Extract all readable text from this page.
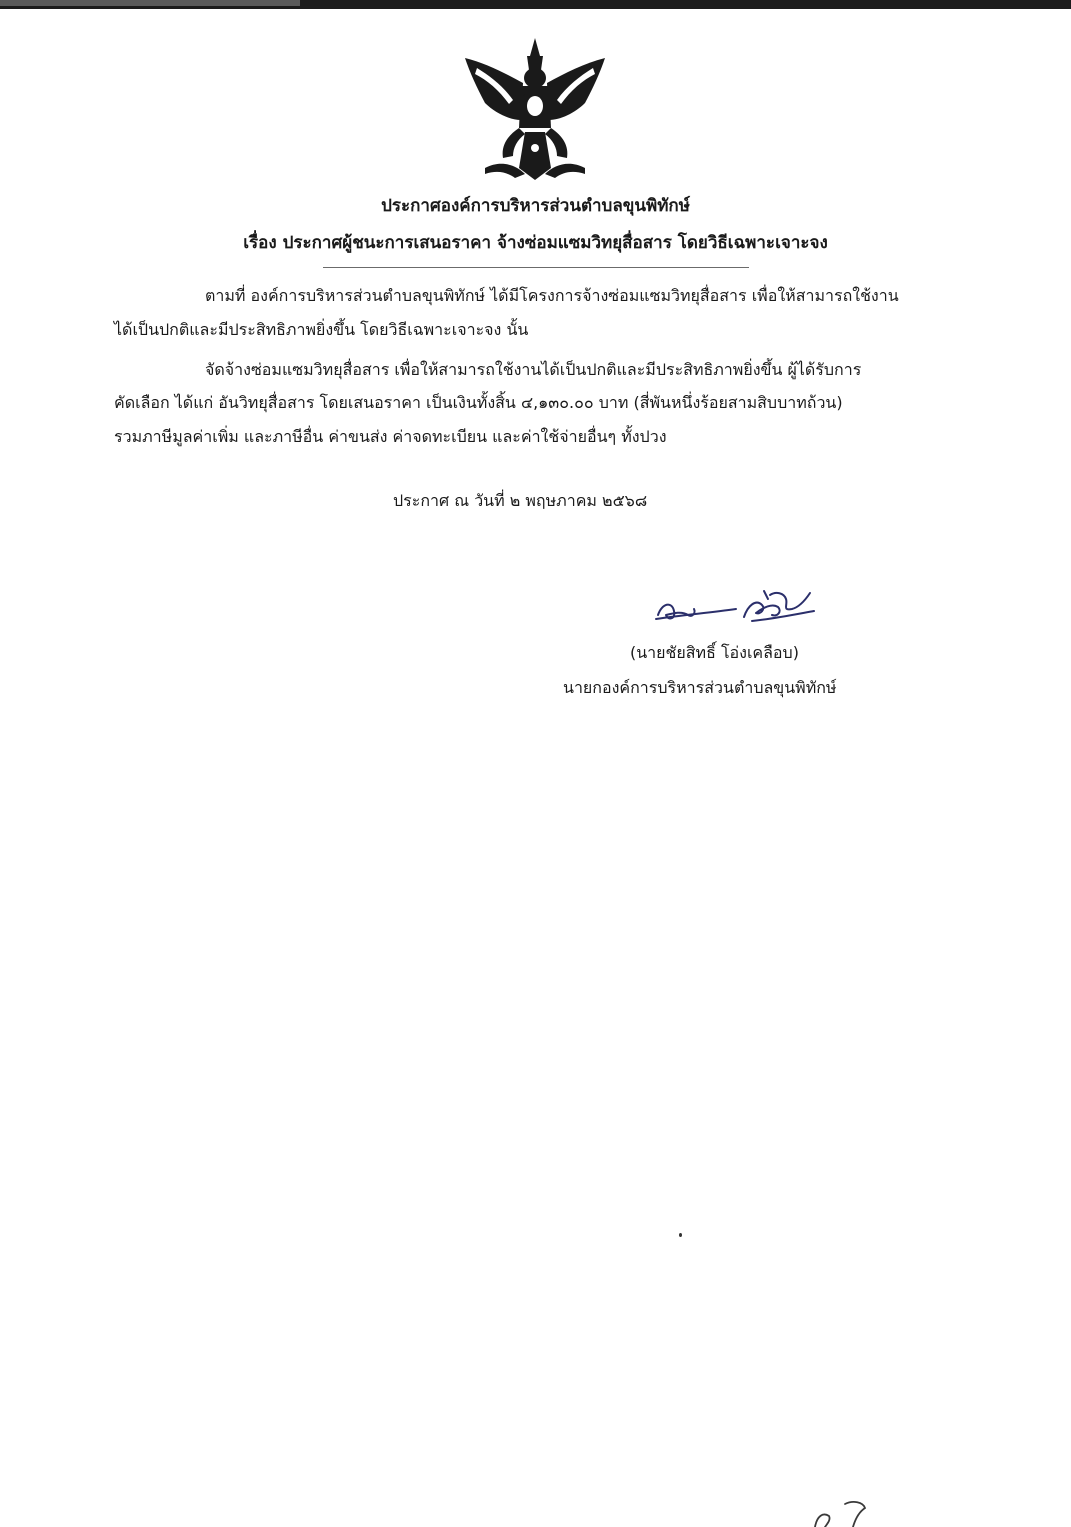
ประกาศองค์การบริหารส่วนตำบลขุนพิทักษ์
เรื่อง ประกาศผู้ชนะการเสนอราคา จ้างซ่อมแซมวิทยุสื่อสาร โดยวิธีเฉพาะเจาะจง
ตามที่ องค์การบริหารส่วนตำบลขุนพิทักษ์ ได้มีโครงการจ้างซ่อมแซมวิทยุสื่อสาร เพื่อให้สามารถใช้งาน
ได้เป็นปกติและมีประสิทธิภาพยิ่งขึ้น โดยวิธีเฉพาะเจาะจง นั้น
จัดจ้างซ่อมแซมวิทยุสื่อสาร เพื่อให้สามารถใช้งานได้เป็นปกติและมีประสิทธิภาพยิ่งขึ้น ผู้ได้รับการ
คัดเลือก ได้แก่ อันวิทยุสื่อสาร โดยเสนอราคา เป็นเงินทั้งสิ้น ๔,๑๓๐.๐๐ บาท (สี่พันหนึ่งร้อยสามสิบบาทถ้วน)
รวมภาษีมูลค่าเพิ่ม และภาษีอื่น ค่าขนส่ง ค่าจดทะเบียน และค่าใช้จ่ายอื่นๆ ทั้งปวง
ประกาศ ณ วันที่ ๒ พฤษภาคม ๒๕๖๘
(นายชัยสิทธิ์ โอ่งเคลือบ)
นายกองค์การบริหารส่วนตำบลขุนพิทักษ์
